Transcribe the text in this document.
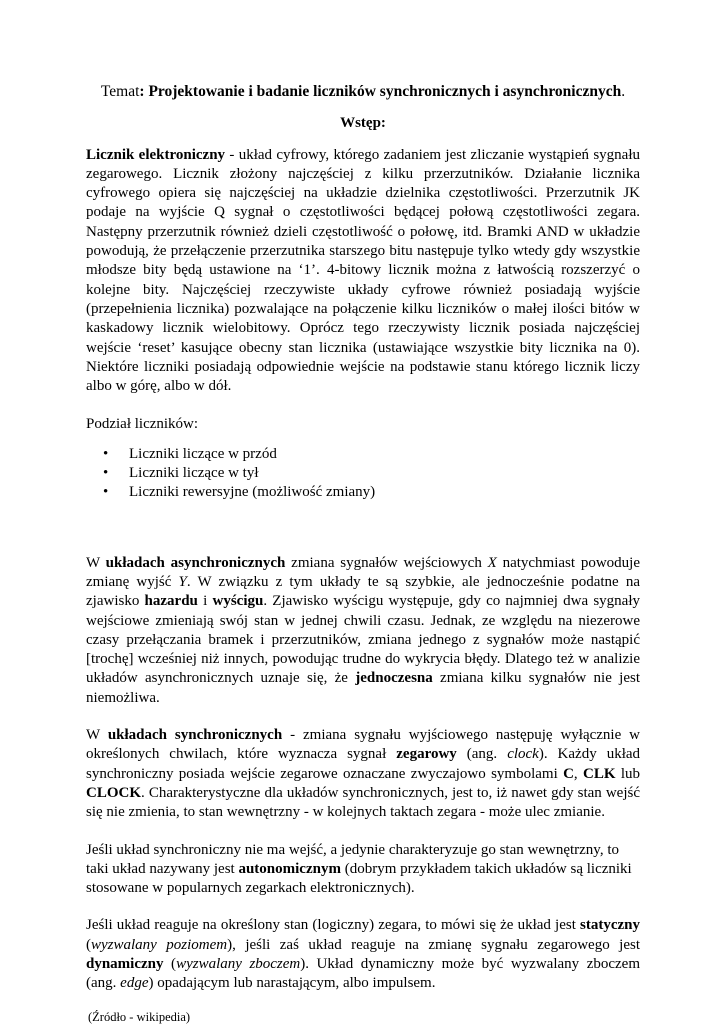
Temat: Projektowanie i badanie liczników synchronicznych i asynchronicznych.
Wstęp:

Licznik elektroniczny - układ cyfrowy, którego zadaniem jest zliczanie wystąpień sygnału zegarowego. Licznik złożony najczęściej z kilku przerzutników. Działanie licznika cyfrowego opiera się najczęściej na układzie dzielnika częstotliwości. Przerzutnik JK podaje na wyjście Q sygnał o częstotliwości będącej połową częstotliwości zegara. Następny przerzutnik również dzieli częstotliwość o połowę, itd. Bramki AND w układzie powodują, że przełączenie przerzutnika starszego bitu następuje tylko wtedy gdy wszystkie młodsze bity będą ustawione na ‘1’. 4-bitowy licznik można z łatwością rozszerzyć o kolejne bity. Najczęściej rzeczywiste układy cyfrowe również posiadają wyjście (przepełnienia licznika) pozwalające na połączenie kilku liczników o małej ilości bitów w kaskadowy licznik wielobitowy. Oprócz tego rzeczywisty licznik posiada najczęściej wejście ‘reset’ kasujące obecny stan licznika (ustawiające wszystkie bity licznika na 0). Niektóre liczniki posiadają odpowiednie wejście na podstawie stanu którego licznik liczy albo w górę, albo w dół.

Podział liczników:

• Liczniki liczące w przód
• Liczniki liczące w tył
• Liczniki rewersyjne (możliwość zmiany)

W układach asynchronicznych zmiana sygnałów wejściowych X natychmiast powoduje zmianę wyjść Y. W związku z tym układy te są szybkie, ale jednocześnie podatne na zjawisko hazardu i wyścigu. Zjawisko wyścigu występuje, gdy co najmniej dwa sygnały wejściowe zmieniają swój stan w jednej chwili czasu. Jednak, ze względu na niezerowe czasy przełączania bramek i przerzutników, zmiana jednego z sygnałów może nastąpić [trochę] wcześniej niż innych, powodując trudne do wykrycia błędy. Dlatego też w analizie układów asynchronicznych uznaje się, że jednoczesna zmiana kilku sygnałów nie jest niemożliwa.

W układach synchronicznych - zmiana sygnału wyjściowego następuję wyłącznie w określonych chwilach, które wyznacza sygnał zegarowy (ang. clock). Każdy układ synchroniczny posiada wejście zegarowe oznaczane zwyczajowo symbolami C, CLK lub CLOCK. Charakterystyczne dla układów synchronicznych, jest to, iż nawet gdy stan wejść się nie zmienia, to stan wewnętrzny - w kolejnych taktach zegara - może ulec zmianie.

Jeśli układ synchroniczny nie ma wejść, a jedynie charakteryzuje go stan wewnętrzny, to taki układ nazywany jest autonomicznym (dobrym przykładem takich układów są liczniki stosowane w popularnych zegarkach elektronicznych).

Jeśli układ reaguje na określony stan (logiczny) zegara, to mówi się że układ jest statyczny (wyzwalany poziomem), jeśli zaś układ reaguje na zmianę sygnału zegarowego jest dynamiczny (wyzwalany zboczem). Układ dynamiczny może być wyzwalany zboczem (ang. edge) opadającym lub narastającym, albo impulsem.

(Źródło - wikipedia)
